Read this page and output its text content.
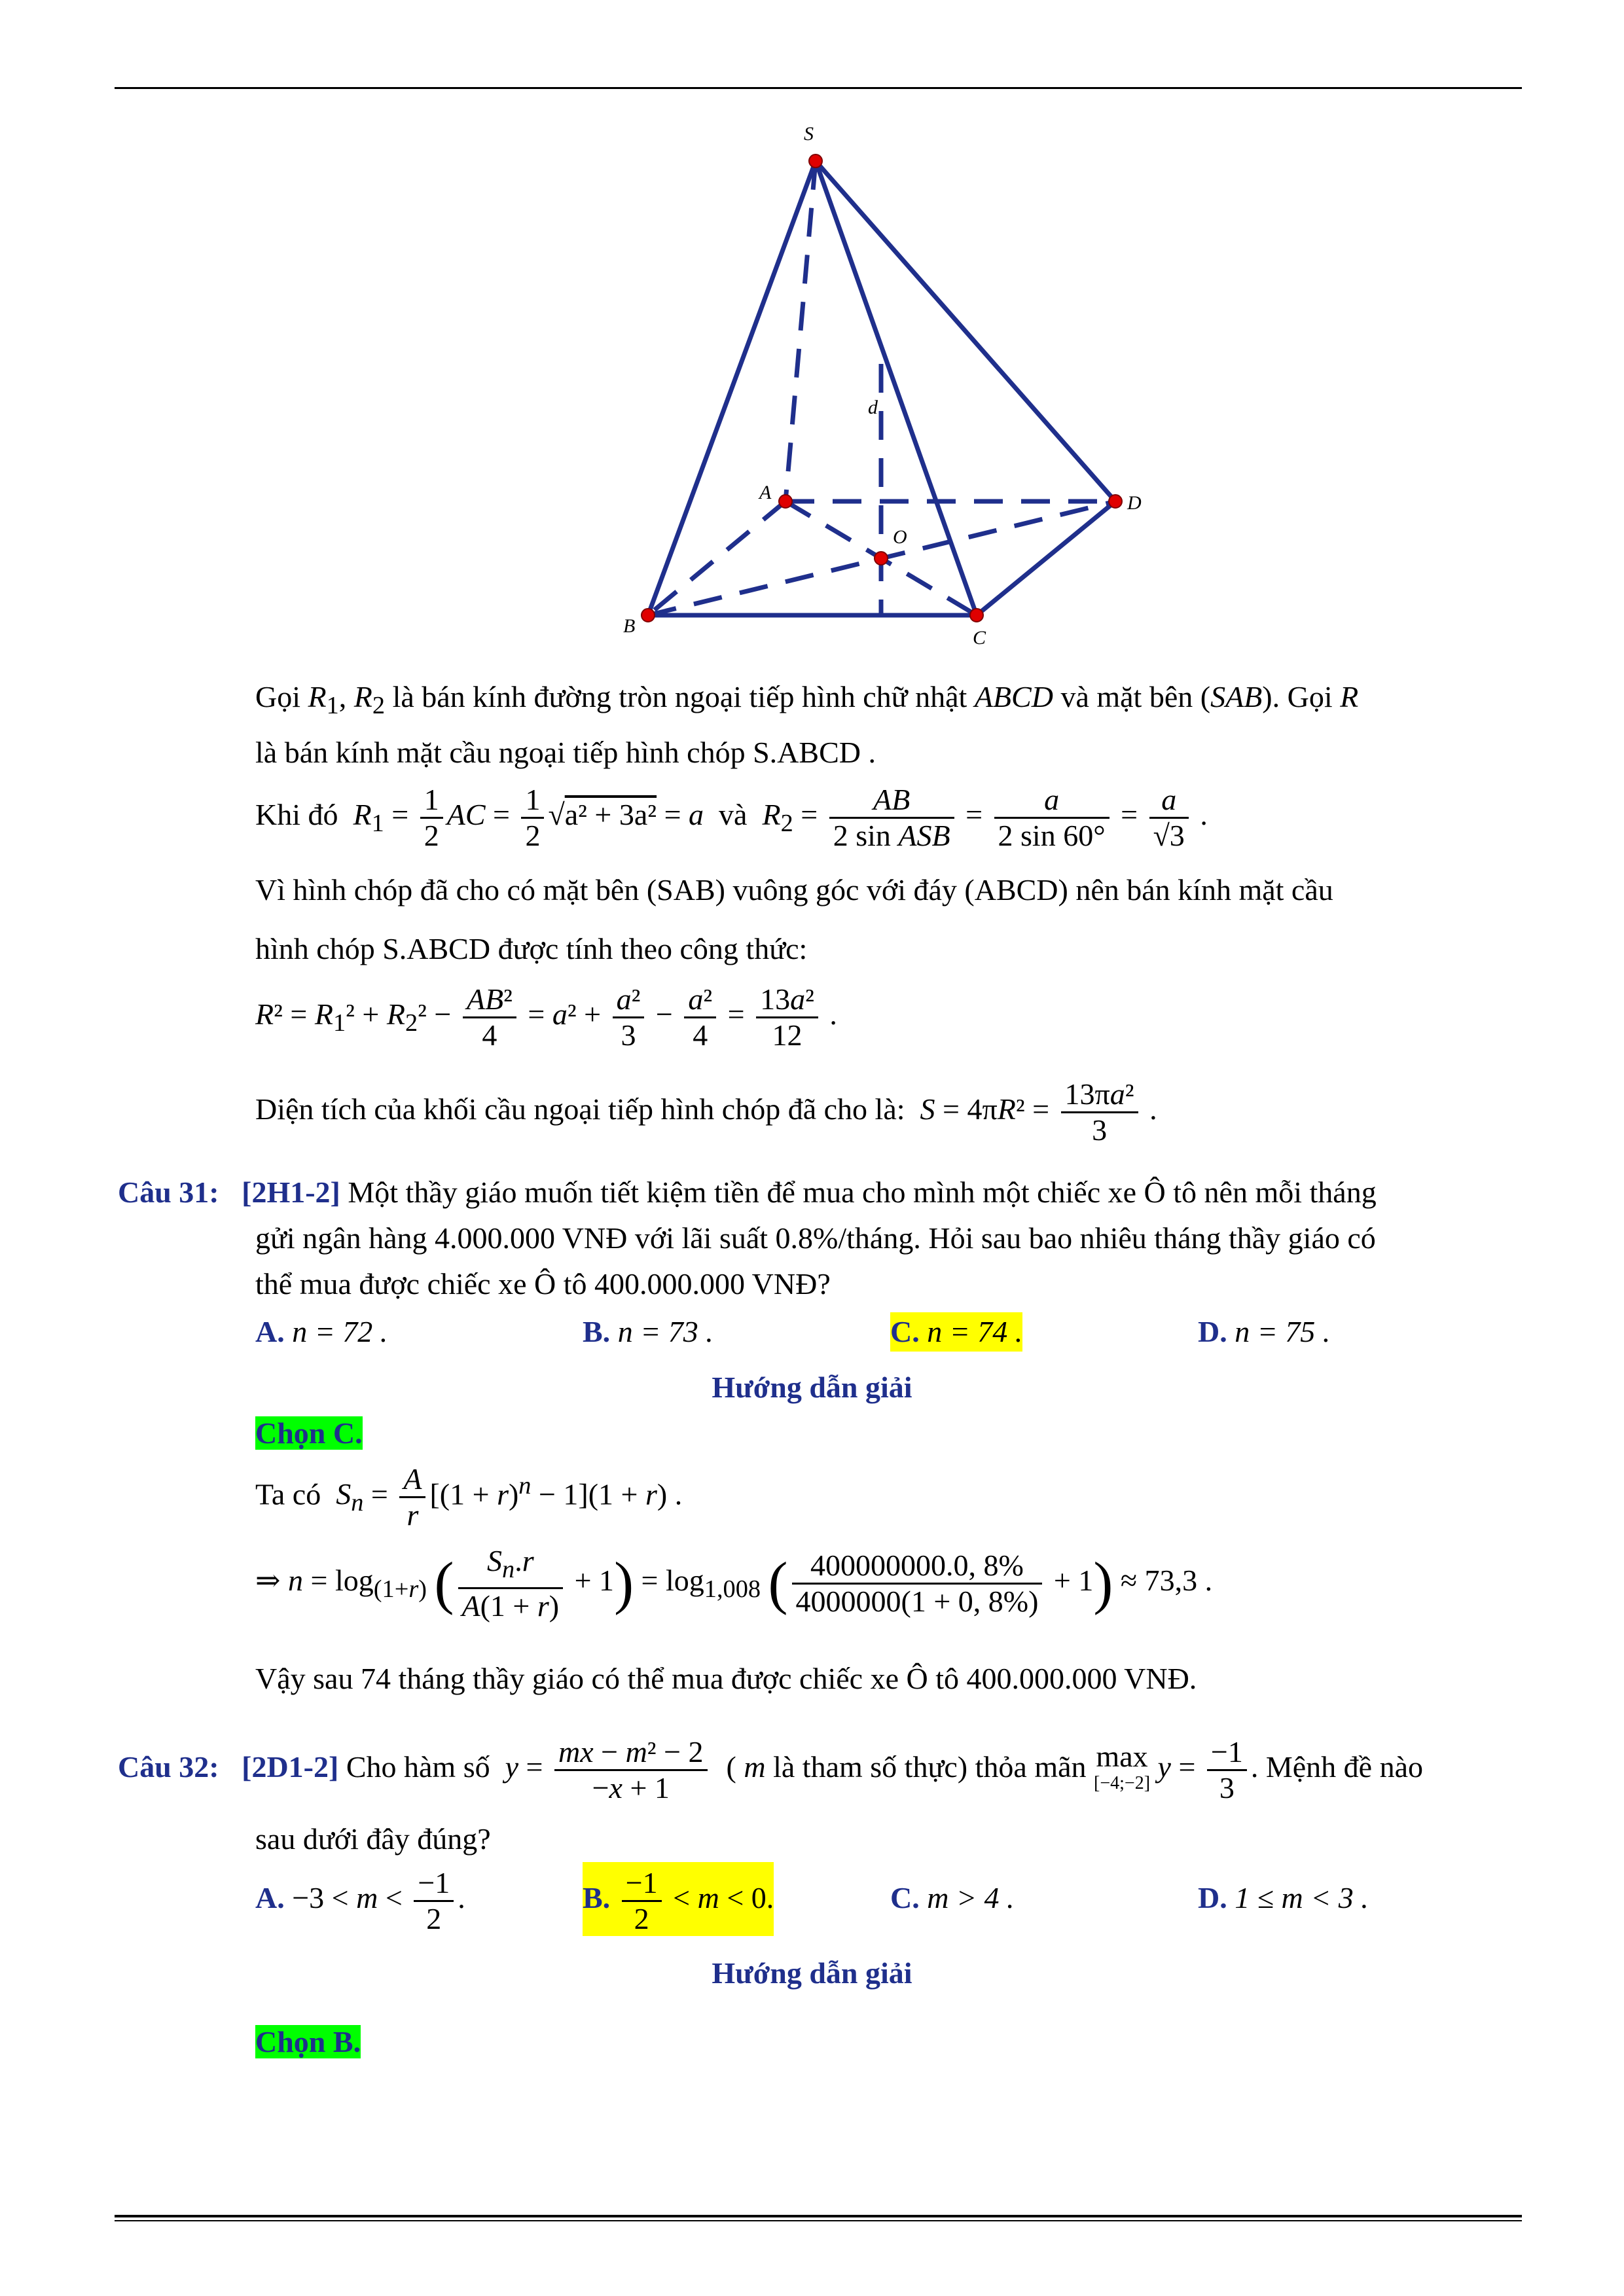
S
d
A	D
O
B
C
Gọi $R_1$, $R_2$ là bán kính đường tròn ngoại tiếp hình chữ nhật ABCD và mặt bên (SAB). Gọi R
là bán kính mặt cầu ngoại tiếp hình chóp S.ABCD .
Khi đó $R_1 = \frac{1}{2}$ AC = $\frac{1}{2} √a^2 + 3a^2 = a$  và  $R_2 = \frac{AB}{\text{2 sin ASB}} = \frac{a}{2 \sin 60^\circ} = \frac{a}{√3}$ .
Vì hình chóp đã cho có mặt bên (SAB) vuông góc với đáy (ABCD) nên bán kính mặt cầu
hình chóp S.ABCD được tính theo công thức:
$R^2 = R_1^2 + R_2^2 - \frac{\text{AB²}}{4} = a^2 + \frac{\text{a²}}{3} - \frac{\text{a²}}{4} = \frac{\text{13a²}}{12}$ .
Diện tích của khối cầu ngoại tiếp hình chóp đã cho là: $S = 4\pi R^2 = \frac{\text{13πa²}}{3}$ .
Câu 31: [2H1-2] Một thầy giáo muốn tiết kiệm tiền để mua cho mình một chiếc xe Ô tô nên mỗi tháng
gửi ngân hàng 4.000.000 VNĐ với lãi suất 0.8%/tháng. Hỏi sau bao nhiêu tháng thầy giáo có
thể mua được chiếc xe Ô tô 400.000.000 VNĐ?
A. n = 72 .	B. n = 73 .	C. n = 74 .	D. n = 75 .
Hướng dẫn giải
Chọn C.
Ta có  $S_n = \frac{A}{r} [(1 + r)^n - 1](1 + r)$ .
⇒ $n = \log_{(1+r)}$ ( $\frac{S_n.r}{A(1 + r)} + 1) = \log_{1,008}$ ( $\frac{400000000.0, 8\%}{4000000(1 + 0, 8\%)} + 1) \approx 73,3$ .
Vậy sau 74 tháng thầy giáo có thể mua được chiếc xe Ô tô 400.000.000 VNĐ.
Câu 32: [2D1-2] Cho hàm số  $y = \frac{\text{mx − m² − 2}}{-x + 1}$ ( m là tham số thực) thỏa mãn max
[−4;−2] $y = \frac{-1}{3}$ . Mệnh đề nào
sau dưới đây đúng?
A. $-3 < m < \frac{-1}{2}$ .	B. $\frac{-1}{2} < m < 0$.	C. m > 4 .	D. 1 ≤ m < 3 .
Hướng dẫn giải
Chọn B.
